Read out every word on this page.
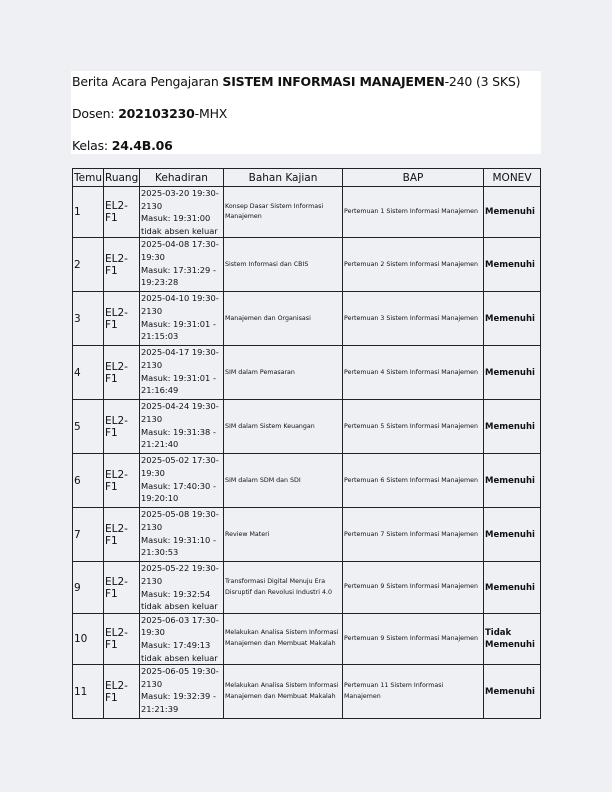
Berita Acara Pengajaran SISTEM INFORMASI MANAJEMEN-240 (3 SKS)
Dosen: 202103230-MHX
Kelas: 24.4B.06
Temu	Ruang	Kehadiran	Bahan Kajian	BAP	MONEV
1	EL2-F1	2025-03-20 19:30-2130
Masuk: 19:31:00 tidak absen keluar	Konsep Dasar Sistem Informasi Manajemen	Pertemuan 1 Sistem Informasi Manajemen	Memenuhi
2	EL2-F1	2025-04-08 17:30-19:30
Masuk: 17:31:29 - 19:23:28	Sistem Informasi dan CBIS	Pertemuan 2 Sistem Informasi Manajemen	Memenuhi
3	EL2-F1	2025-04-10 19:30-2130
Masuk: 19:31:01 - 21:15:03	Manajemen dan Organisasi	Pertemuan 3 Sistem Informasi Manajemen	Memenuhi
4	EL2-F1	2025-04-17 19:30-2130
Masuk: 19:31:01 - 21:16:49	SIM dalam Pemasaran	Pertemuan 4 Sistem Informasi Manajemen	Memenuhi
5	EL2-F1	2025-04-24 19:30-2130
Masuk: 19:31:38 - 21:21:40	SIM dalam Sistem Keuangan	Pertemuan 5 Sistem Informasi Manajemen	Memenuhi
6	EL2-F1	2025-05-02 17:30-19:30
Masuk: 17:40:30 - 19:20:10	SIM dalam SDM dan SDI	Pertemuan 6 Sistem Informasi Manajemen	Memenuhi
7	EL2-F1	2025-05-08 19:30-2130
Masuk: 19:31:10 - 21:30:53	Review Materi	Pertemuan 7 Sistem Informasi Manajemen	Memenuhi
9	EL2-F1	2025-05-22 19:30-2130
Masuk: 19:32:54 tidak absen keluar	Transformasi Digital Menuju Era Disruptif dan Revolusi Industri 4.0	Pertemuan 9 Sistem Informasi Manajemen	Memenuhi
10	EL2-F1	2025-06-03 17:30-19:30
Masuk: 17:49:13 tidak absen keluar	Melakukan Analisa Sistem Informasi Manajemen dan Membuat Makalah	Pertemuan 9 Sistem Informasi Manajemen	Tidak Memenuhi
11	EL2-F1	2025-06-05 19:30-2130
Masuk: 19:32:39 - 21:21:39	Melakukan Analisa Sistem Informasi Manajemen dan Membuat Makalah	Pertemuan 11 Sistem Informasi Manajemen	Memenuhi
